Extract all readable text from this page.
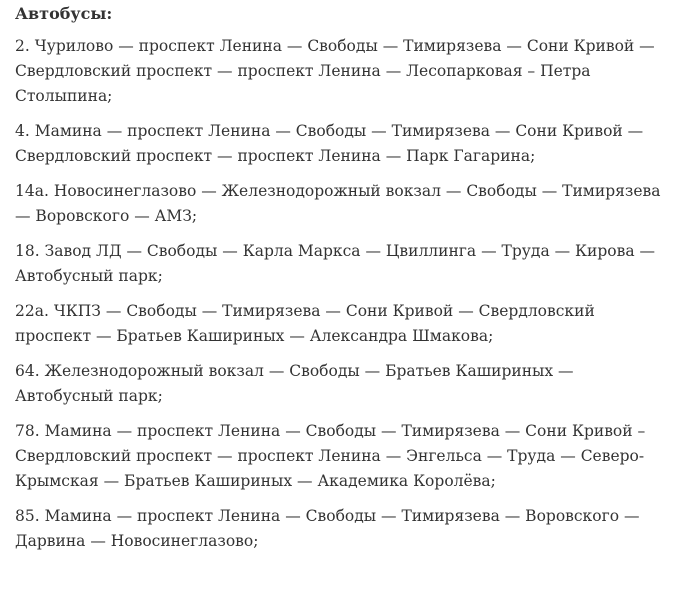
Автобусы:

2. Чурилово — проспект Ленина — Свободы — Тимирязева — Сони Кривой — Свердловский проспект — проспект Ленина — Лесопарковая – Петра Столыпина;

4. Мамина — проспект Ленина — Свободы — Тимирязева — Сони Кривой — Свердловский проспект — проспект Ленина — Парк Гагарина;

14а. Новосинеглазово — Железнодорожный вокзал — Свободы — Тимирязева — Воровского — АМЗ;

18. Завод ЛД — Свободы — Карла Маркса — Цвиллинга — Труда — Кирова — Автобусный парк;

22а. ЧКПЗ — Свободы — Тимирязева — Сони Кривой — Свердловский проспект — Братьев Кашириных — Александра Шмакова;

64. Железнодорожный вокзал — Свободы — Братьев Кашириных — Автобусный парк;

78. Мамина — проспект Ленина — Свободы — Тимирязева — Сони Кривой – Свердловский проспект — проспект Ленина — Энгельса — Труда — Северо-Крымская — Братьев Кашириных — Академика Королёва;

85. Мамина — проспект Ленина — Свободы — Тимирязева — Воровского — Дарвина — Новосинеглазово;
